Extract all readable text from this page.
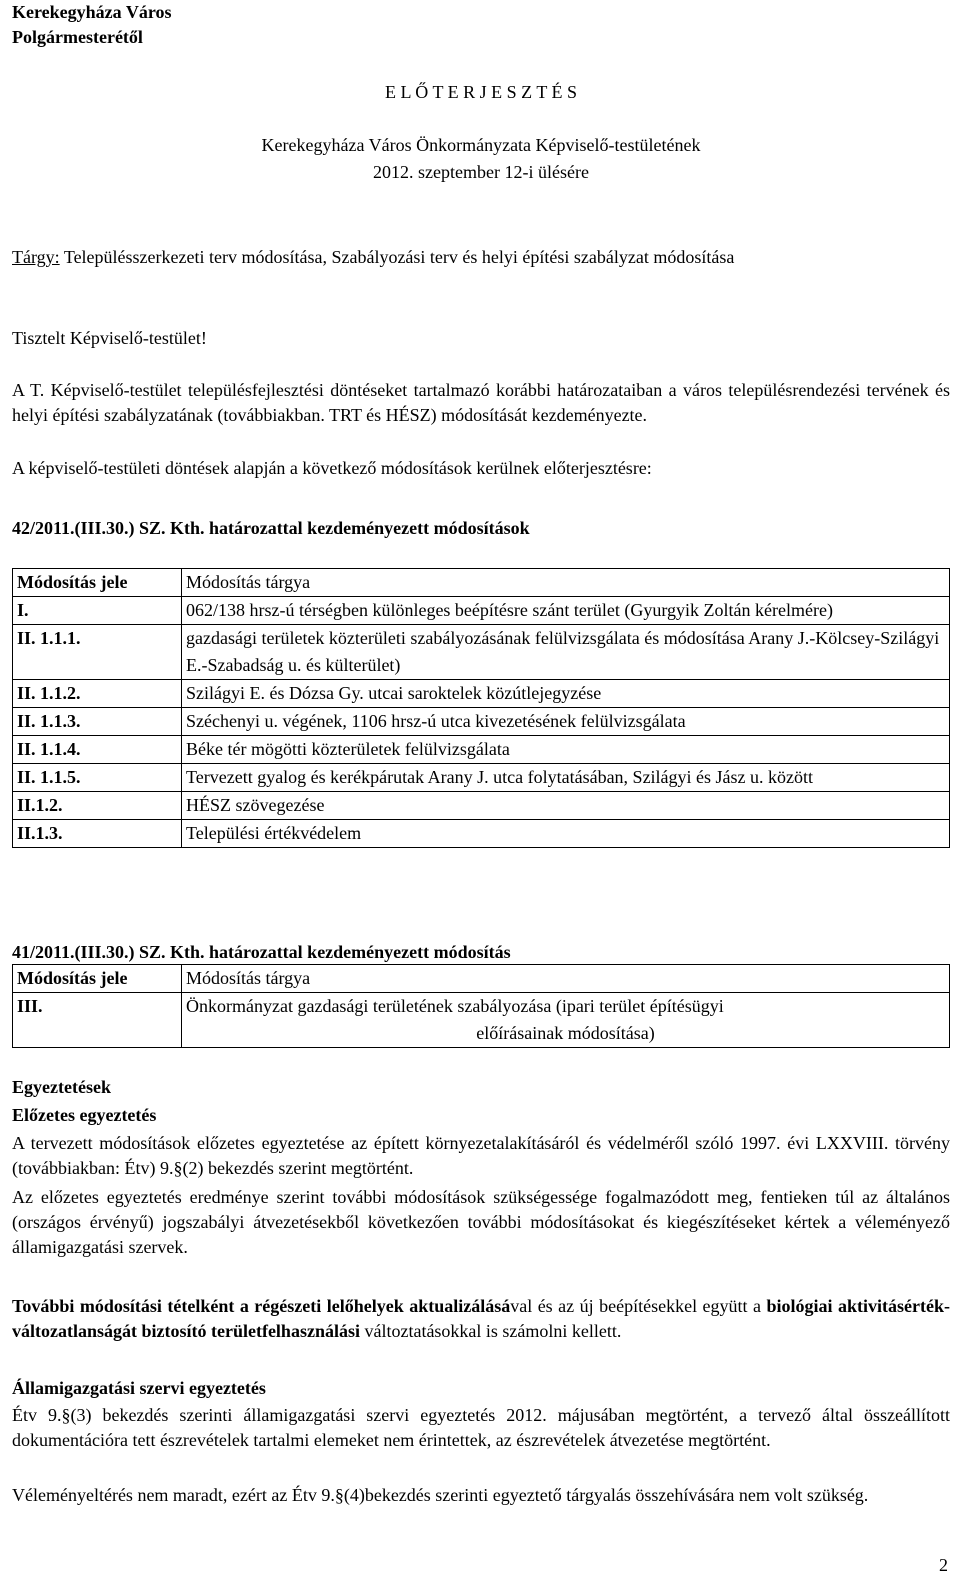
Kerekegyháza Város
Polgármesterétől
E L Ő T E R J E S Z T É S
Kerekegyháza Város Önkormányzata Képviselő-testületének
2012. szeptember 12-i ülésére

Tárgy: Településszerkezeti terv módosítása, Szabályozási terv és helyi építési szabályzat módosítása

Tisztelt Képviselő-testület!

A T. Képviselő-testület településfejlesztési döntéseket tartalmazó korábbi határozataiban a város településrendezési tervének és helyi építési szabályzatának (továbbiakban. TRT és HÉSZ) módosítását kezdeményezte.

A képviselő-testületi döntések alapján a következő módosítások kerülnek előterjesztésre:

42/2011.(III.30.) SZ. Kth. határozattal kezdeményezett módosítások
Módosítás jele	Módosítás tárgya
I.	062/138 hrsz-ú térségben különleges beépítésre szánt terület (Gyurgyik Zoltán kérelmére)
II. 1.1.1.	gazdasági területek közterületi szabályozásának felülvizsgálata és módosítása Arany J.-Kölcsey-Szilágyi E.-Szabadság u. és külterület)
II. 1.1.2.	Szilágyi E. és Dózsa Gy. utcai saroktelek közútlejegyzése
II. 1.1.3.	Széchenyi u. végének, 1106 hrsz-ú utca kivezetésének felülvizsgálata
II. 1.1.4.	Béke tér mögötti közterületek felülvizsgálata
II. 1.1.5.	Tervezett gyalog és kerékpárutak Arany J. utca folytatásában, Szilágyi és Jász u. között
II.1.2.	HÉSZ szövegezése
II.1.3.	Települési értékvédelem
41/2011.(III.30.) SZ. Kth. határozattal kezdeményezett módosítás
Módosítás jele	Módosítás tárgya
III.	Önkormányzat gazdasági területének szabályozása (ipari terület építésügyi
előírásainak módosítása)
Egyeztetések
Előzetes egyeztetés

A tervezett módosítások előzetes egyeztetése az épített környezetalakításáról és védelméről szóló 1997. évi LXXVIII. törvény (továbbiakban: Étv) 9.§(2) bekezdés szerint megtörtént.

Az előzetes egyeztetés eredménye szerint további módosítások szükségessége fogalmazódott meg, fentieken túl az általános (országos érvényű) jogszabályi átvezetésekből következően további módosításokat és kiegészítéseket kértek a véleményező államigazgatási szervek.

További módosítási tételként a régészeti lelőhelyek aktualizálásával és az új beépítésekkel együtt a biológiai aktivitásérték-változatlanságát biztosító területfelhasználási változtatásokkal is számolni kellett.

Államigazgatási szervi egyeztetés

Étv 9.§(3) bekezdés szerinti államigazgatási szervi egyeztetés 2012. májusában megtörtént, a tervező által összeállított dokumentációra tett észrevételek tartalmi elemeket nem érintettek, az észrevételek átvezetése megtörtént.

Véleményeltérés nem maradt, ezért az Étv 9.§(4)bekezdés szerinti egyeztető tárgyalás összehívására nem volt szükség.

2
